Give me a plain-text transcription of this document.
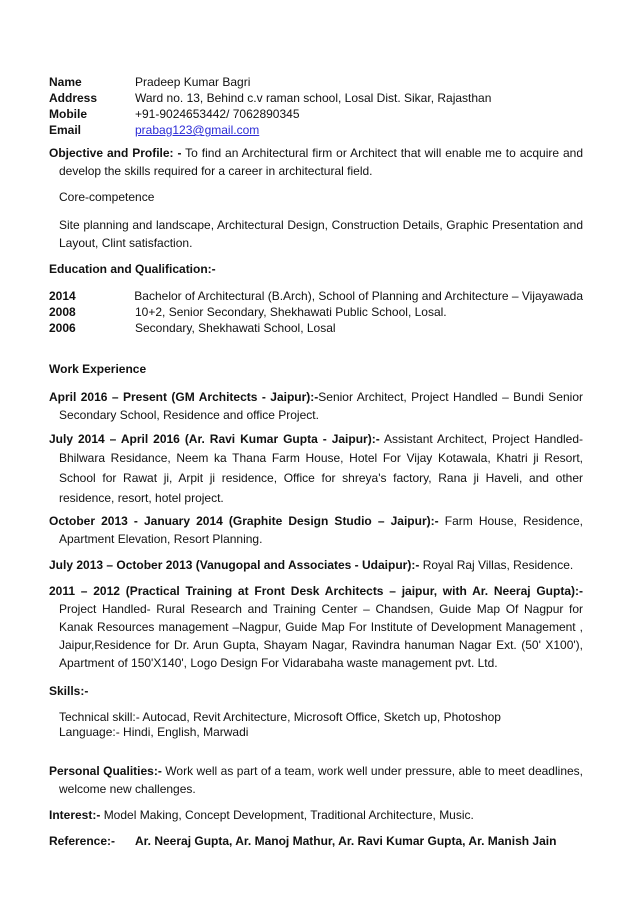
Name	Pradeep Kumar Bagri
Address	Ward no. 13, Behind c.v raman school, Losal Dist. Sikar, Rajasthan
Mobile	+91-9024653442/ 7062890345
Email	prabag123@gmail.com
Objective and Profile: - To find an Architectural firm or Architect that will enable me to acquire and
develop the skills required for a career in architectural field.
Core-competence
Site planning and landscape, Architectural Design, Construction Details, Graphic Presentation and
Layout, Clint satisfaction.
Education and Qualification:-
2014	Bachelor of Architectural (B.Arch), School of Planning and Architecture – Vijayawada
2008	10+2, Senior Secondary, Shekhawati Public School, Losal.
2006	Secondary, Shekhawati School, Losal
Work Experience
April 2016 – Present (GM Architects - Jaipur):-Senior Architect, Project Handled – Bundi Senior
Secondary School, Residence and office Project.
July 2014 – April 2016 (Ar. Ravi Kumar Gupta - Jaipur):- Assistant Architect, Project Handled-
Bhilwara Residance, Neem ka Thana Farm House, Hotel For Vijay Kotawala, Khatri ji Resort,
School for Rawat ji, Arpit ji residence, Office for shreya's factory, Rana ji Haveli, and other
residence, resort, hotel project.
October 2013 - January 2014 (Graphite Design Studio – Jaipur):- Farm House, Residence,
Apartment Elevation, Resort Planning.
July 2013 – October 2013 (Vanugopal and Associates - Udaipur):- Royal Raj Villas, Residence.
2011 – 2012 (Practical Training at Front Desk Architects – jaipur, with Ar. Neeraj Gupta):-
Project Handled- Rural Research and Training Center – Chandsen, Guide Map Of Nagpur for
Kanak Resources management –Nagpur, Guide Map For Institute of Development Management ,
Jaipur,Residence for Dr. Arun Gupta, Shayam Nagar, Ravindra hanuman Nagar Ext. (50' X100'),
Apartment of 150'X140', Logo Design For Vidarabaha waste management pvt. Ltd.
Skills:-
Technical skill:- Autocad, Revit Architecture, Microsoft Office, Sketch up, Photoshop
Language:- Hindi, English, Marwadi
Personal Qualities:- Work well as part of a team, work well under pressure, able to meet deadlines,
welcome new challenges.
Interest:- Model Making, Concept Development, Traditional Architecture, Music.
Reference:-	Ar. Neeraj Gupta, Ar. Manoj Mathur, Ar. Ravi Kumar Gupta, Ar. Manish Jain
